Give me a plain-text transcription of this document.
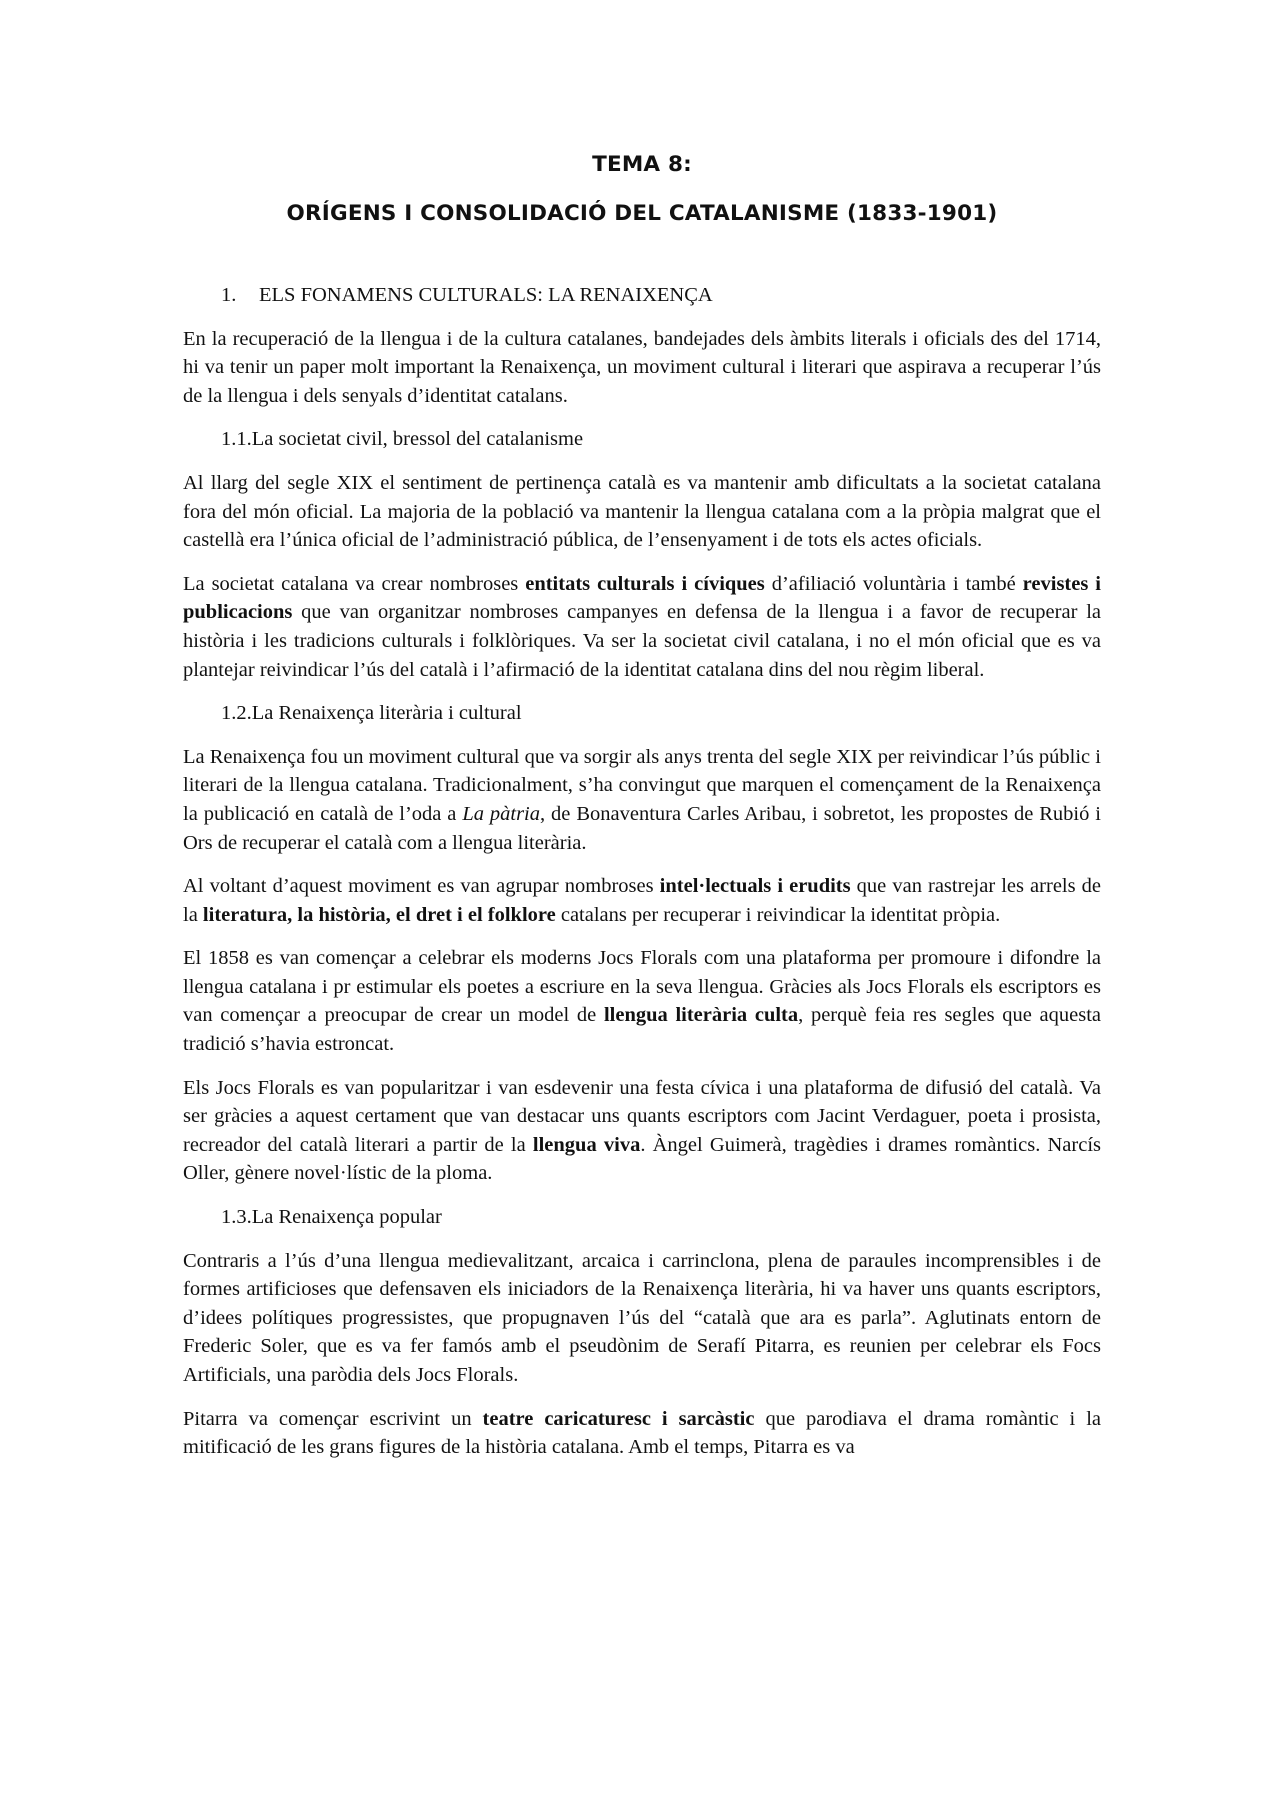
TEMA 8:
ORÍGENS I CONSOLIDACIÓ DEL CATALANISME (1833-1901)
1. ELS FONAMENS CULTURALS: LA RENAIXENÇA

En la recuperació de la llengua i de la cultura catalanes, bandejades dels àmbits literals i oficials des del 1714, hi va tenir un paper molt important la Renaixença, un moviment cultural i literari que aspirava a recuperar l’ús de la llengua i dels senyals d’identitat catalans.

1.1.La societat civil, bressol del catalanisme

Al llarg del segle XIX el sentiment de pertinença català es va mantenir amb dificultats a la societat catalana fora del món oficial. La majoria de la població va mantenir la llengua catalana com a la pròpia malgrat que el castellà era l’única oficial de l’administració pública, de l’ensenyament i de tots els actes oficials.

La societat catalana va crear nombroses entitats culturals i cíviques d’afiliació voluntària i també revistes i publicacions que van organitzar nombroses campanyes en defensa de la llengua i a favor de recuperar la història i les tradicions culturals i folklòriques. Va ser la societat civil catalana, i no el món oficial que es va plantejar reivindicar l’ús del català i l’afirmació de la identitat catalana dins del nou règim liberal.

1.2.La Renaixença literària i cultural

La Renaixença fou un moviment cultural que va sorgir als anys trenta del segle XIX per reivindicar l’ús públic i literari de la llengua catalana. Tradicionalment, s’ha convingut que marquen el començament de la Renaixença la publicació en català de l’oda a La pàtria, de Bonaventura Carles Aribau, i sobretot, les propostes de Rubió i Ors de recuperar el català com a llengua literària.

Al voltant d’aquest moviment es van agrupar nombroses intel·lectuals i erudits que van rastrejar les arrels de la literatura, la història, el dret i el folklore catalans per recuperar i reivindicar la identitat pròpia.

El 1858 es van començar a celebrar els moderns Jocs Florals com una plataforma per promoure i difondre la llengua catalana i pr estimular els poetes a escriure en la seva llengua. Gràcies als Jocs Florals els escriptors es van començar a preocupar de crear un model de llengua literària culta, perquè feia res segles que aquesta tradició s’havia estroncat.

Els Jocs Florals es van popularitzar i van esdevenir una festa cívica i una plataforma de difusió del català. Va ser gràcies a aquest certament que van destacar uns quants escriptors com Jacint Verdaguer, poeta i prosista, recreador del català literari a partir de la llengua viva. Àngel Guimerà, tragèdies i drames romàntics. Narcís Oller, gènere novel·lístic de la ploma.

1.3.La Renaixença popular

Contraris a l’ús d’una llengua medievalitzant, arcaica i carrinclona, plena de paraules incomprensibles i de formes artificioses que defensaven els iniciadors de la Renaixença literària, hi va haver uns quants escriptors, d’idees polítiques progressistes, que propugnaven l’ús del “català que ara es parla”. Aglutinats entorn de Frederic Soler, que es va fer famós amb el pseudònim de Serafí Pitarra, es reunien per celebrar els Focs Artificials, una paròdia dels Jocs Florals.

Pitarra va començar escrivint un teatre caricaturesc i sarcàstic que parodiava el drama romàntic i la mitificació de les grans figures de la història catalana. Amb el temps, Pitarra es va
